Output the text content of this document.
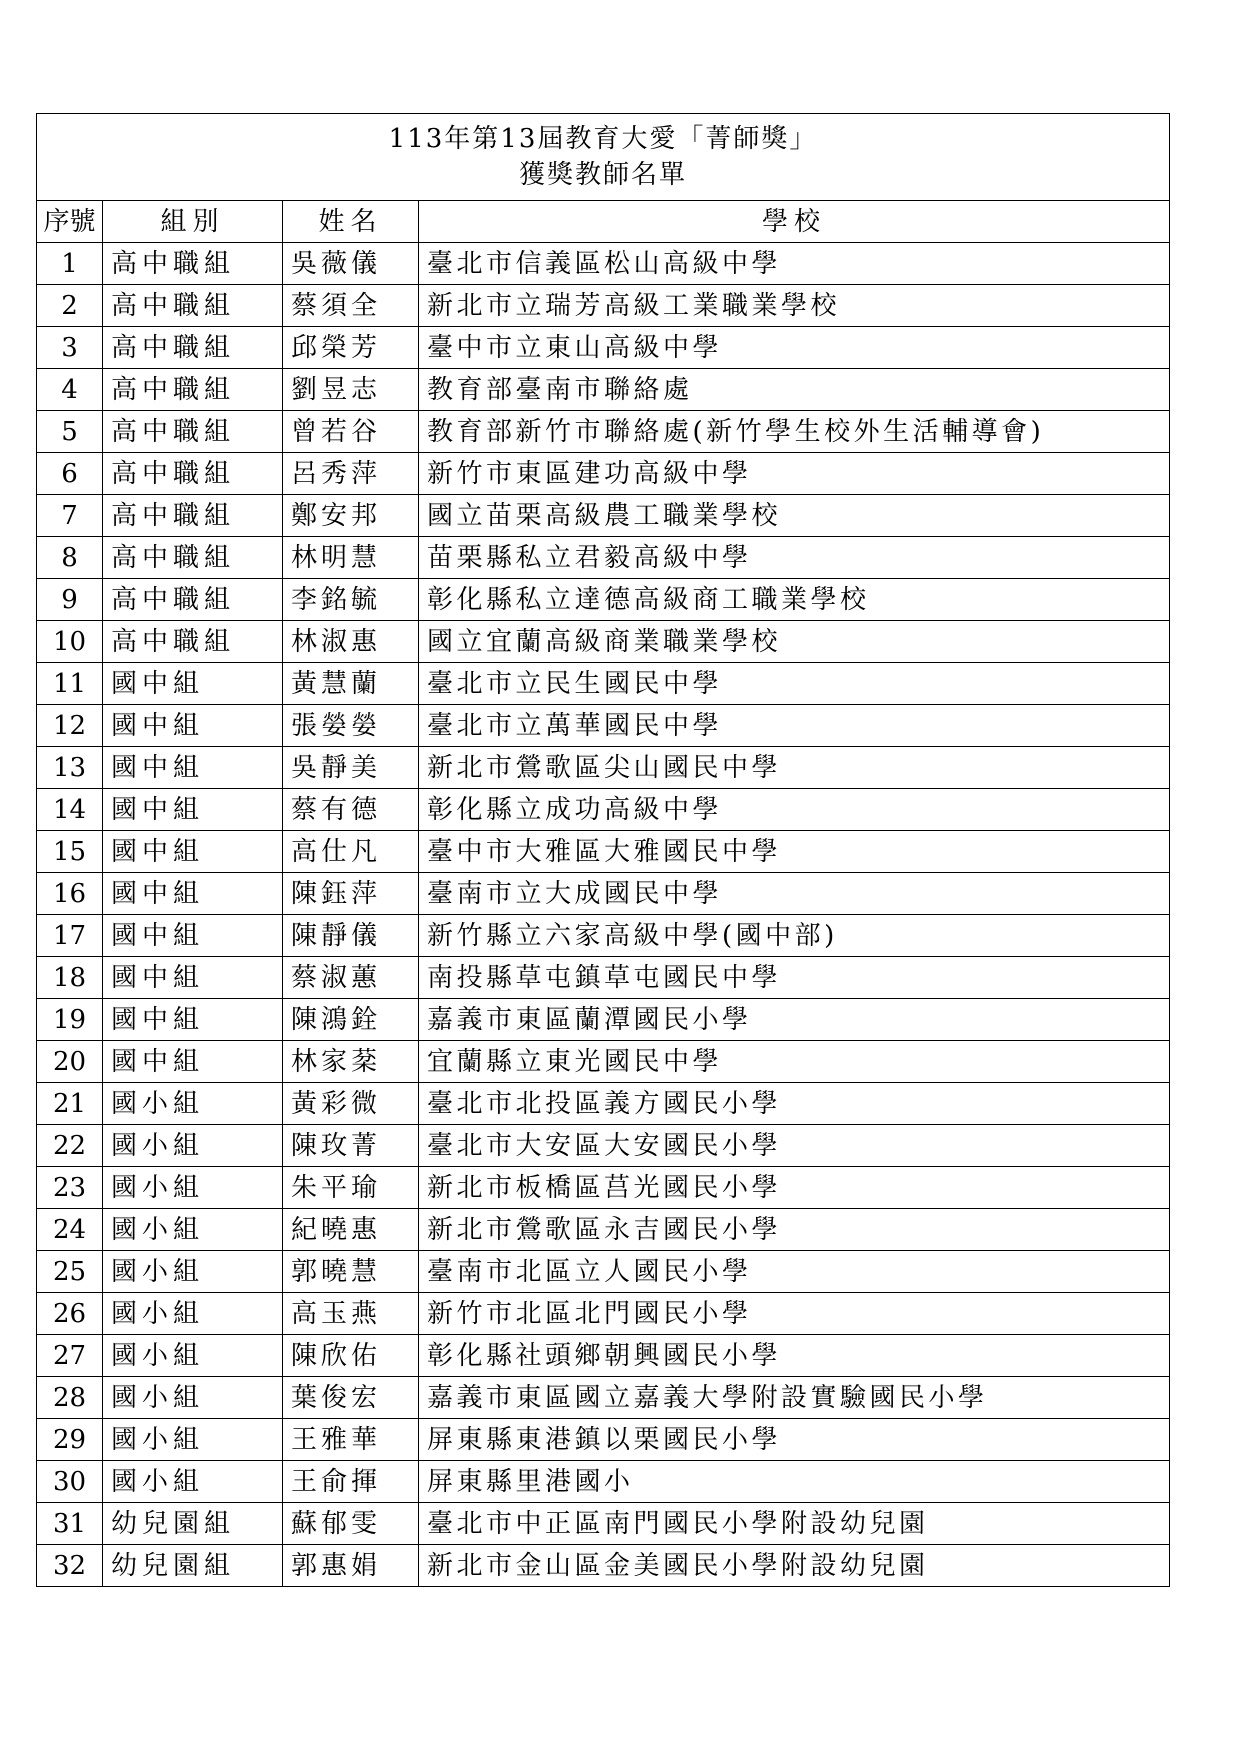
113年第13屆教育大愛「菁師獎」
獲獎教師名單			

序號	組別	姓名	學校
1	高中職組	吳薇儀	臺北市信義區松山高級中學
2	高中職組	蔡須全	新北市立瑞芳高級工業職業學校
3	高中職組	邱榮芳	臺中市立東山高級中學
4	高中職組	劉昱志	教育部臺南市聯絡處
5	高中職組	曾若谷	教育部新竹市聯絡處(新竹學生校外生活輔導會)
6	高中職組	呂秀萍	新竹市東區建功高級中學
7	高中職組	鄭安邦	國立苗栗高級農工職業學校
8	高中職組	林明慧	苗栗縣私立君毅高級中學
9	高中職組	李銘毓	彰化縣私立達德高級商工職業學校
10	高中職組	林淑惠	國立宜蘭高級商業職業學校
11	國中組	黃慧蘭	臺北市立民生國民中學
12	國中組	張嫈嫈	臺北市立萬華國民中學
13	國中組	吳靜美	新北市鶯歌區尖山國民中學
14	國中組	蔡有德	彰化縣立成功高級中學
15	國中組	高仕凡	臺中市大雅區大雅國民中學
16	國中組	陳鈺萍	臺南市立大成國民中學
17	國中組	陳靜儀	新竹縣立六家高級中學(國中部)
18	國中組	蔡淑蕙	南投縣草屯鎮草屯國民中學
19	國中組	陳鴻銓	嘉義市東區蘭潭國民小學
20	國中組	林家棻	宜蘭縣立東光國民中學
21	國小組	黃彩微	臺北市北投區義方國民小學
22	國小組	陳玫菁	臺北市大安區大安國民小學
23	國小組	朱平瑜	新北市板橋區莒光國民小學
24	國小組	紀曉惠	新北市鶯歌區永吉國民小學
25	國小組	郭曉慧	臺南市北區立人國民小學
26	國小組	高玉燕	新竹市北區北門國民小學
27	國小組	陳欣佑	彰化縣社頭鄉朝興國民小學
28	國小組	葉俊宏	嘉義市東區國立嘉義大學附設實驗國民小學
29	國小組	王雅華	屏東縣東港鎮以栗國民小學
30	國小組	王俞揮	屏東縣里港國小
31	幼兒園組	蘇郁雯	臺北市中正區南門國民小學附設幼兒園
32	幼兒園組	郭惠娟	新北市金山區金美國民小學附設幼兒園
